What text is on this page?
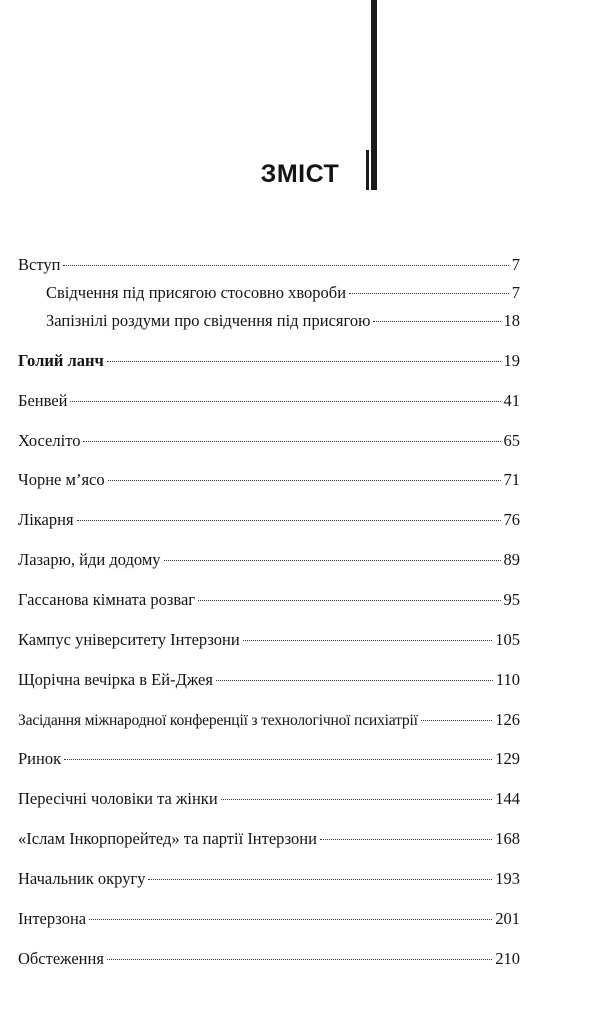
ЗМІСТ
Вступ	7
Свідчення під присягою стосовно хвороби	7
Запізнілі роздуми про свідчення під присягою	18
Голий ланч	19
Бенвей	41
Хоселіто	65
Чорне м’ясо	71
Лікарня	76
Лазарю, йди додому	89
Гассанова кімната розваг	95
Кампус університету Інтерзони	105
Щорічна вечірка в Ей-Джея	110
Засідання міжнародної конференції з технологічної психіатрії	126
Ринок	129
Пересічні чоловіки та жінки	144
«Іслам Інкорпорейтед» та партії Інтерзони	168
Начальник округу	193
Інтерзона	201
Обстеження	210
